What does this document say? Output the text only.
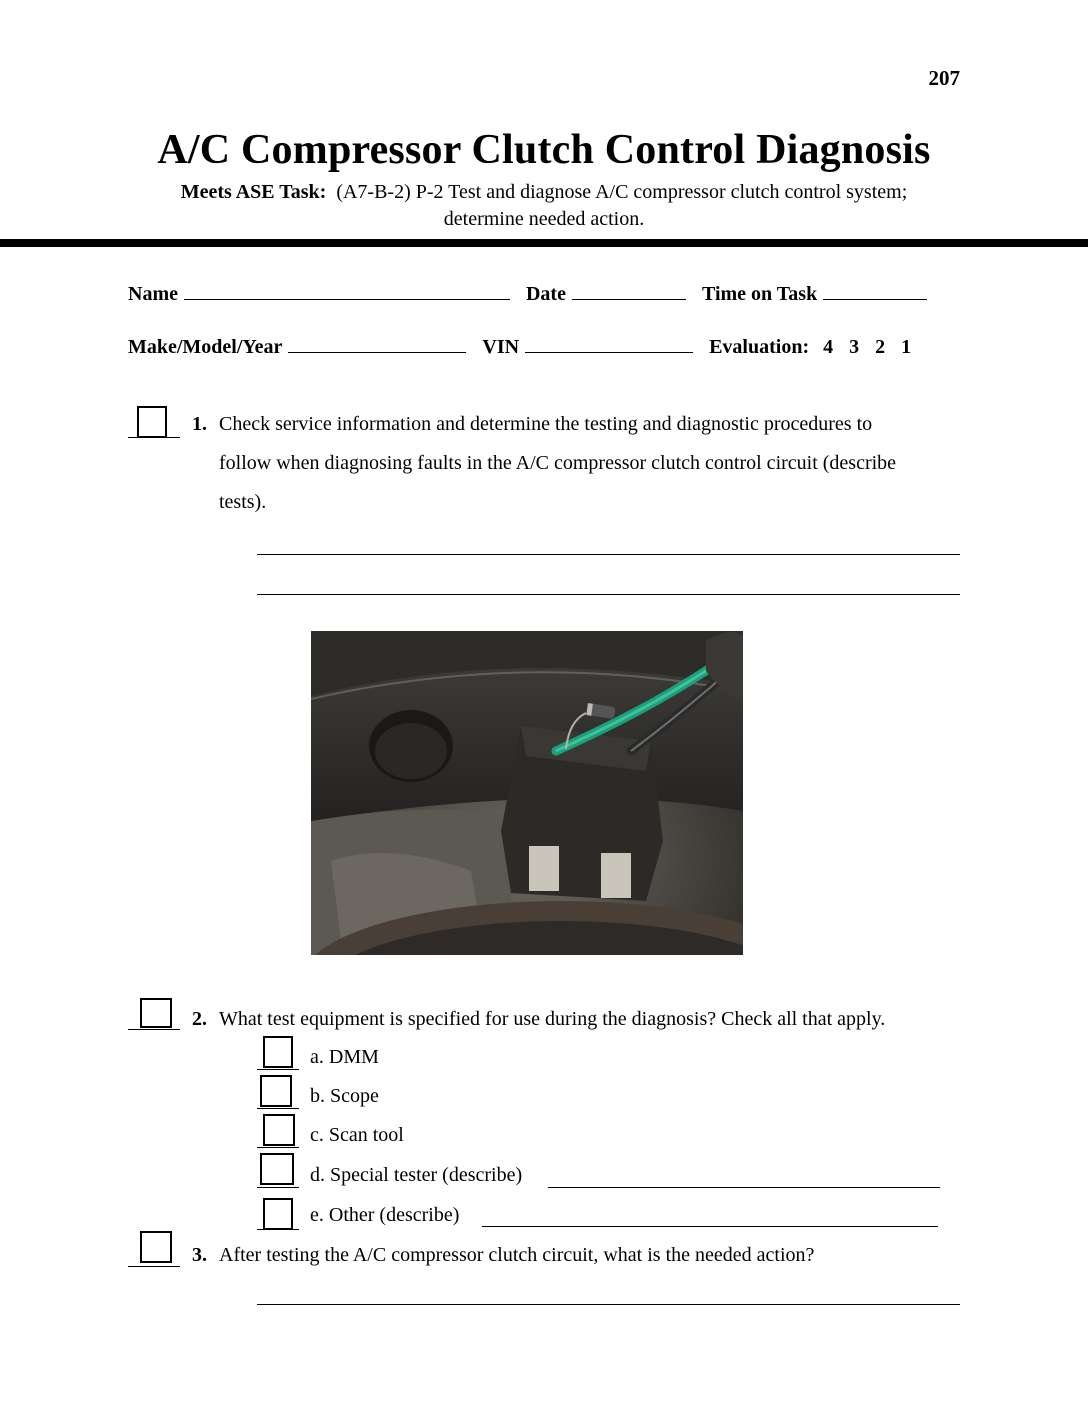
207
A/C Compressor Clutch Control Diagnosis
Meets ASE Task: (A7-B-2) P-2 Test and diagnose A/C compressor clutch control system;
determine needed action.
Name	Date	Time on Task
Make/Model/Year	VIN	Evaluation: 4 3 2 1
1. Check service information and determine the testing and diagnostic procedures to
follow when diagnosing faults in the A/C compressor clutch control circuit (describe
tests).
2. What test equipment is specified for use during the diagnosis? Check all that apply.
a. DMM
b. Scope
c. Scan tool
d. Special tester (describe)
e. Other (describe)
3. After testing the A/C compressor clutch circuit, what is the needed action?
